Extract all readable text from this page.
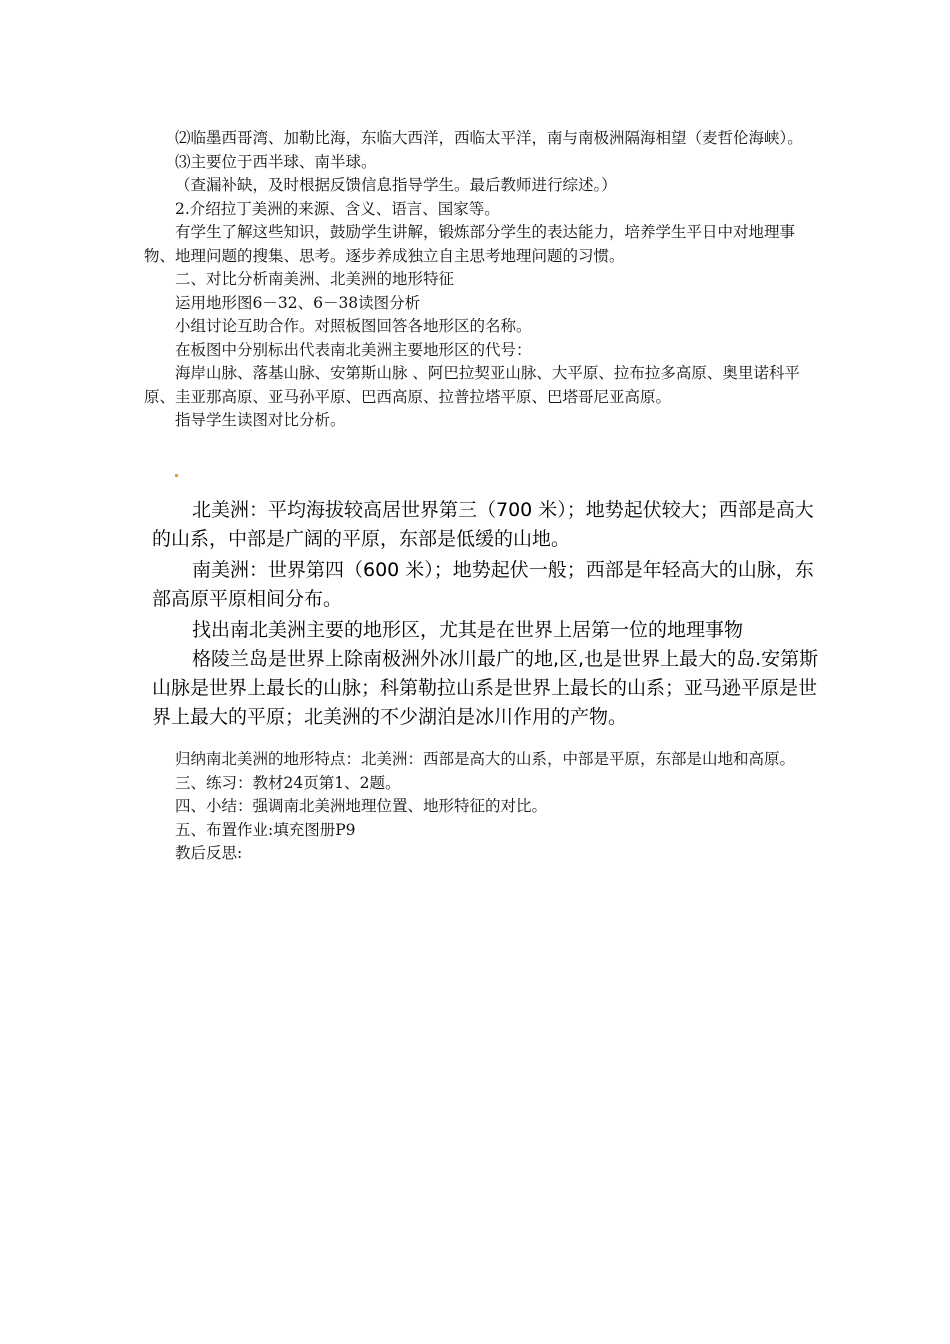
⑵临墨西哥湾、加勒比海，东临大西洋，西临太平洋，南与南极洲隔海相望（麦哲伦海峡）。

⑶主要位于西半球、南半球。

（查漏补缺，及时根据反馈信息指导学生。最后教师进行综述。）

2.介绍拉丁美洲的来源、含义、语言、国家等。

有学生了解这些知识，鼓励学生讲解，锻炼部分学生的表达能力，培养学生平日中对地理事物、地理问题的搜集、思考。逐步养成独立自主思考地理问题的习惯。

二、对比分析南美洲、北美洲的地形特征

运用地形图6－32、6－38读图分析

小组讨论互助合作。对照板图回答各地形区的名称。

在板图中分别标出代表南北美洲主要地形区的代号：

海岸山脉、落基山脉、安第斯山脉 、阿巴拉契亚山脉、大平原、拉布拉多高原、奥里诺科平原、圭亚那高原、亚马孙平原、巴西高原、拉普拉塔平原、巴塔哥尼亚高原。

指导学生读图对比分析。

北美洲：平均海拔较高居世界第三（700 米）；地势起伏较大；西部是高大的山系，中部是广阔的平原，东部是低缓的山地。

南美洲：世界第四（600 米）；地势起伏一般；西部是年轻高大的山脉，东部高原平原相间分布。

找出南北美洲主要的地形区，尤其是在世界上居第一位的地理事物

格陵兰岛是世界上除南极洲外冰川最广的地,区,也是世界上最大的岛.安第斯山脉是世界上最长的山脉；科第勒拉山系是世界上最长的山系；亚马逊平原是世界上最大的平原；北美洲的不少湖泊是冰川作用的产物。

归纳南北美洲的地形特点：北美洲：西部是高大的山系，中部是平原，东部是山地和高原。

三、练习：教材24页第1、2题。

四、小结：强调南北美洲地理位置、地形特征的对比。

五、布置作业:填充图册P9

教后反思:
